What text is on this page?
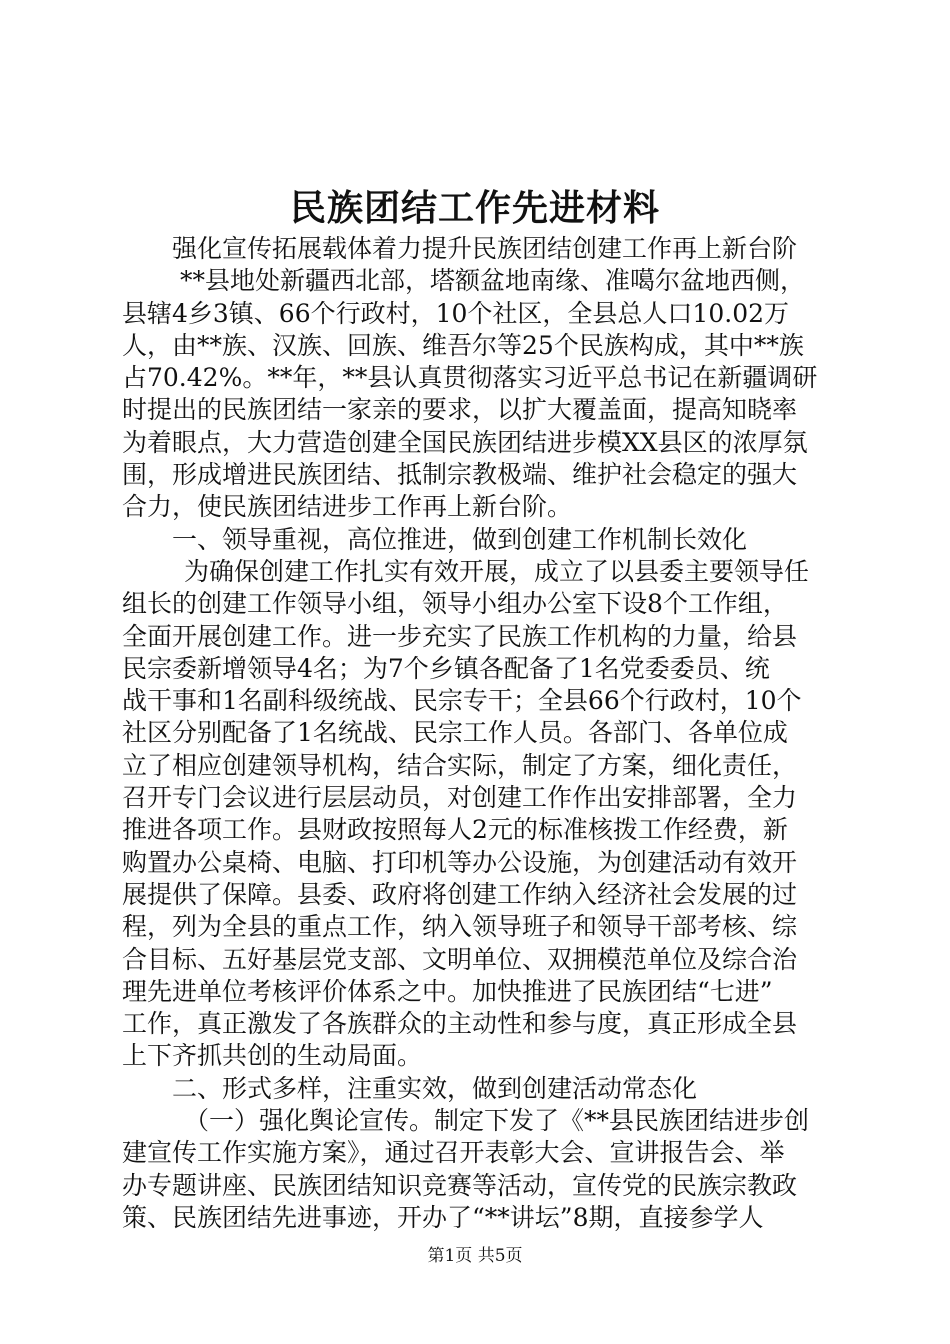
民族团结工作先进材料
强化宣传拓展载体着力提升民族团结创建工作再上新台阶
**县地处新疆西北部，塔额盆地南缘、准噶尔盆地西侧，
县辖4乡3镇、66个行政村，10个社区，全县总人口10.02万
人，由**族、汉族、回族、维吾尔等25个民族构成，其中**族
占70.42%。**年，**县认真贯彻落实习近平总书记在新疆调研
时提出的民族团结一家亲的要求，以扩大覆盖面，提高知晓率
为着眼点，大力营造创建全国民族团结进步模XX县区的浓厚氛
围，形成增进民族团结、抵制宗教极端、维护社会稳定的强大
合力，使民族团结进步工作再上新台阶。
一、领导重视，高位推进，做到创建工作机制长效化
为确保创建工作扎实有效开展，成立了以县委主要领导任
组长的创建工作领导小组，领导小组办公室下设8个工作组，
全面开展创建工作。进一步充实了民族工作机构的力量，给县
民宗委新增领导4名；为7个乡镇各配备了1名党委委员、统
战干事和1名副科级统战、民宗专干；全县66个行政村，10个
社区分别配备了1名统战、民宗工作人员。各部门、各单位成
立了相应创建领导机构，结合实际，制定了方案，细化责任，
召开专门会议进行层层动员，对创建工作作出安排部署，全力
推进各项工作。县财政按照每人2元的标准核拨工作经费，新
购置办公桌椅、电脑、打印机等办公设施，为创建活动有效开
展提供了保障。县委、政府将创建工作纳入经济社会发展的过
程，列为全县的重点工作，纳入领导班子和领导干部考核、综
合目标、五好基层党支部、文明单位、双拥模范单位及综合治
理先进单位考核评价体系之中。加快推进了民族团结“七进”
工作，真正激发了各族群众的主动性和参与度，真正形成全县
上下齐抓共创的生动局面。
二、形式多样，注重实效，做到创建活动常态化
（一）强化舆论宣传。制定下发了《**县民族团结进步创
建宣传工作实施方案》，通过召开表彰大会、宣讲报告会、举
办专题讲座、民族团结知识竞赛等活动，宣传党的民族宗教政
策、民族团结先进事迹，开办了“**讲坛”8期，直接参学人
第1页 共5页
